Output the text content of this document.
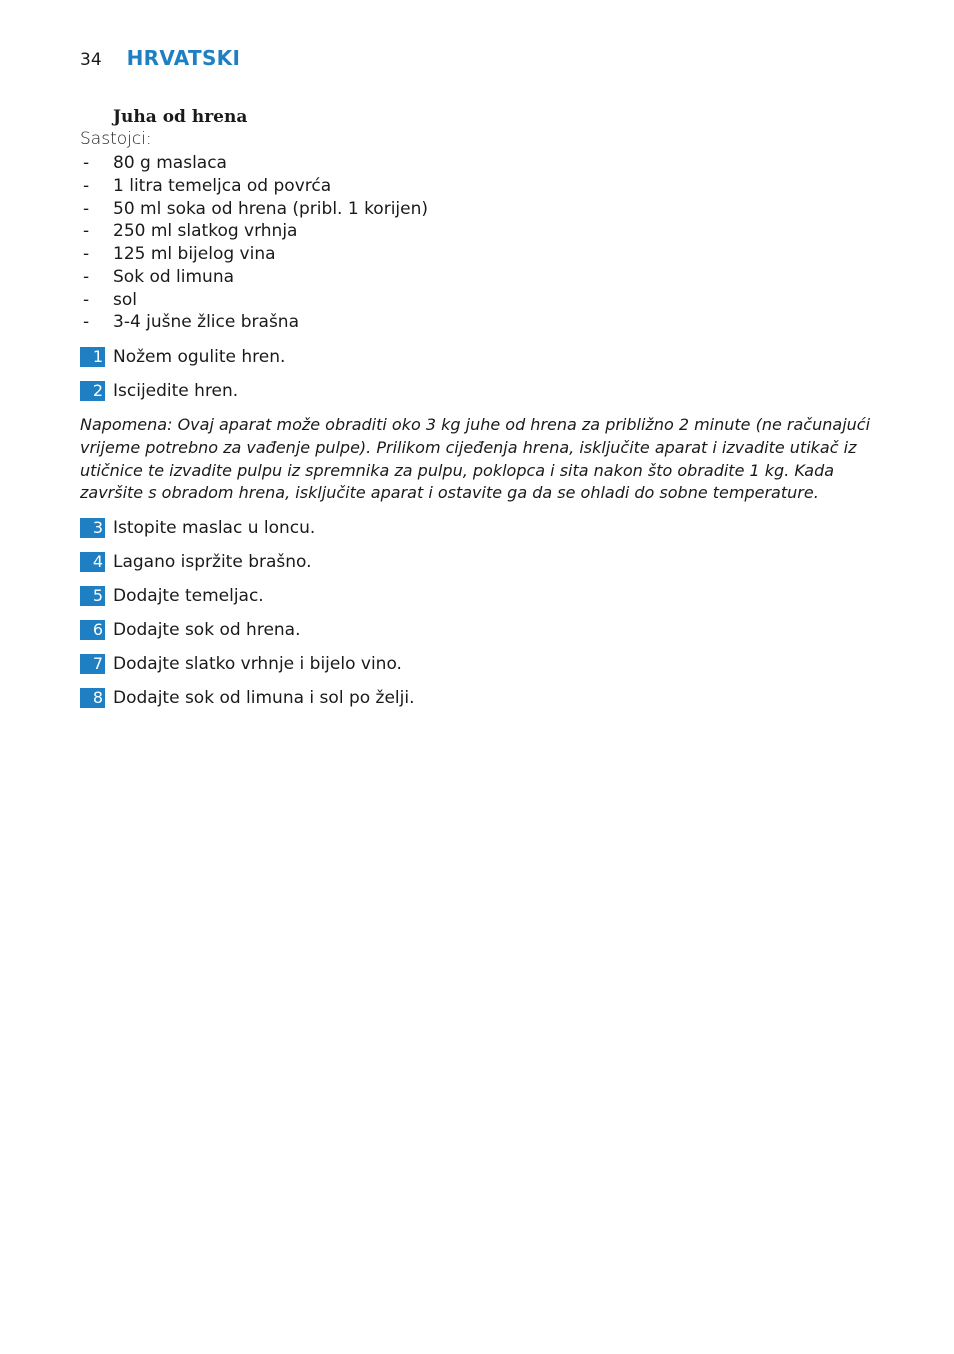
34 HRVATSKI
Juha od hrena
Sastojci:
- 80 g maslaca
- 1 litra temeljca od povrća
- 50 ml soka od hrena (pribl. 1 korijen)
- 250 ml slatkog vrhnja
- 125 ml bijelog vina
- Sok od limuna
- sol
- 3-4 jušne žlice brašna
1 Nožem ogulite hren.
2 Iscijedite hren.
Napomena: Ovaj aparat može obraditi oko 3 kg juhe od hrena za približno 2 minute (ne računajući vrijeme potrebno za vađenje pulpe). Prilikom cijeđenja hrena, isključite aparat i izvadite utikač iz utičnice te izvadite pulpu iz spremnika za pulpu, poklopca i sita nakon što obradite 1 kg. Kada završite s obradom hrena, isključite aparat i ostavite ga da se ohladi do sobne temperature.
3 Istopite maslac u loncu.
4 Lagano ispržite brašno.
5 Dodajte temeljac.
6 Dodajte sok od hrena.
7 Dodajte slatko vrhnje i bijelo vino.
8 Dodajte sok od limuna i sol po želji.
